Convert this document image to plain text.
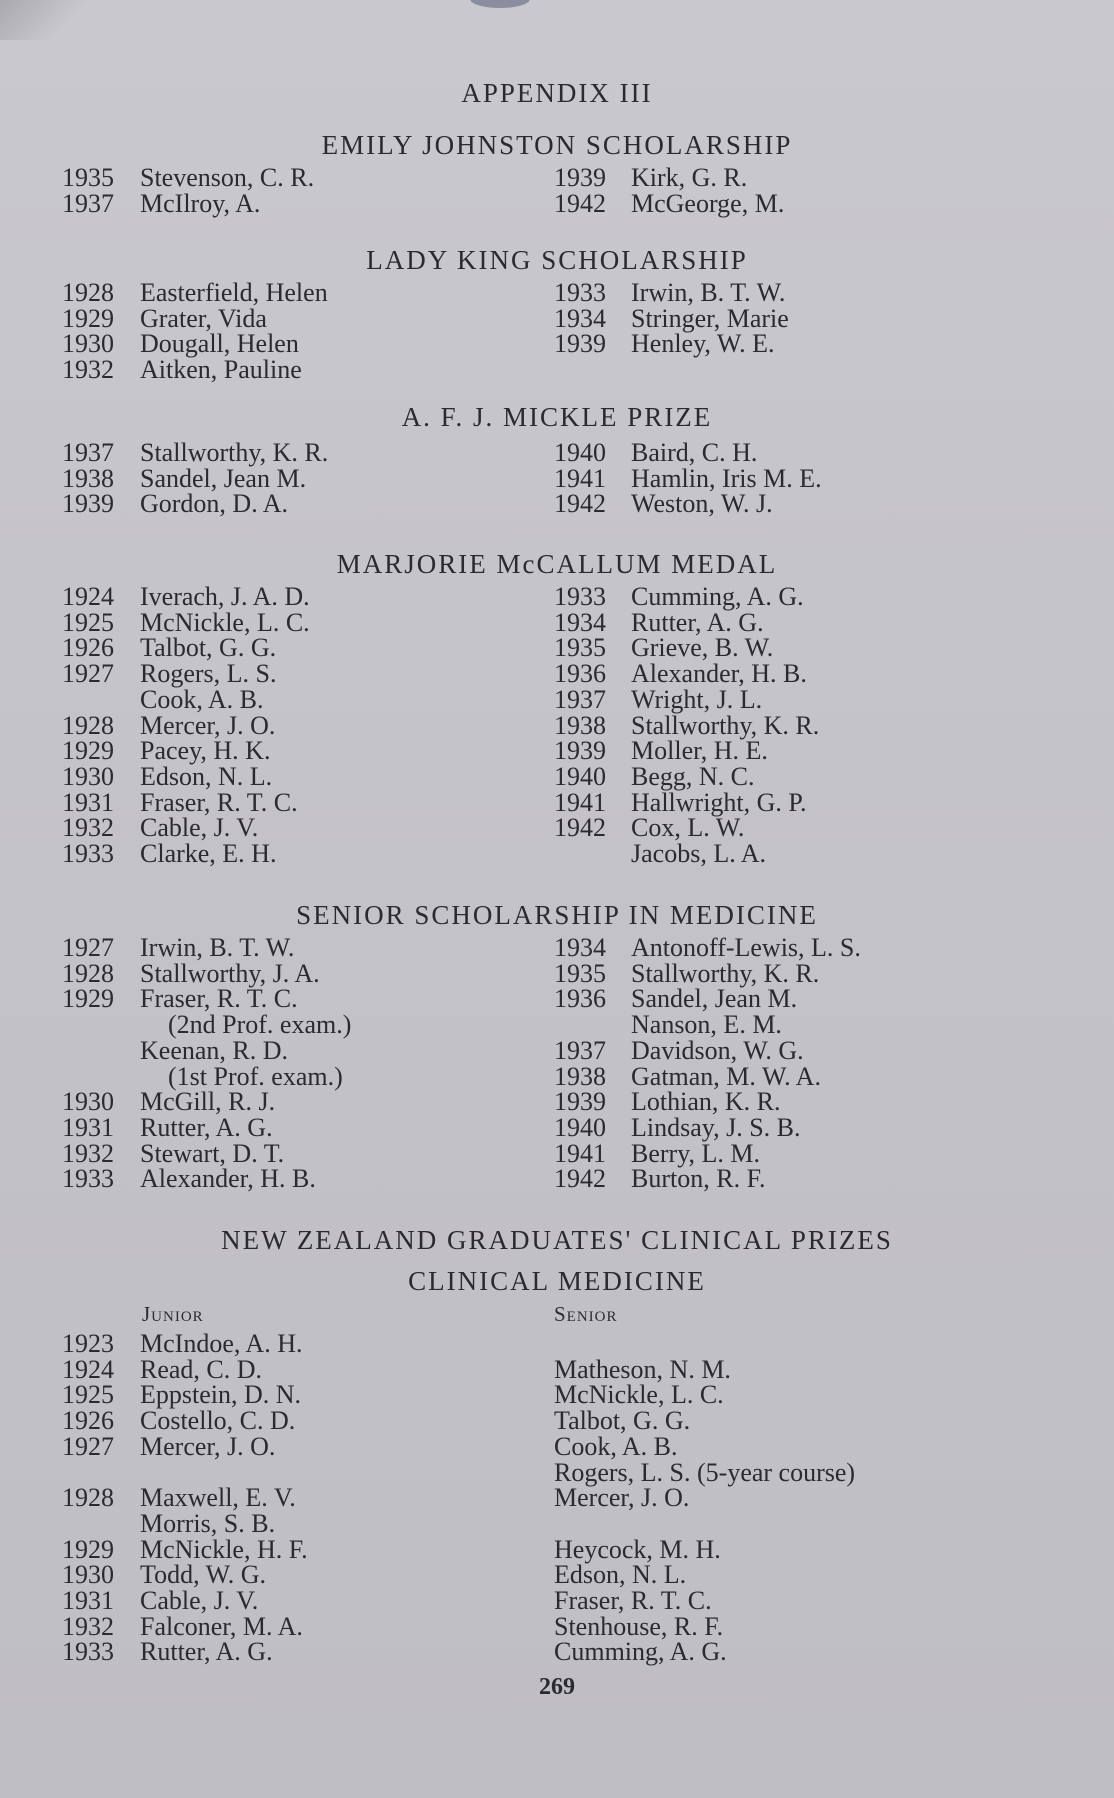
APPENDIX III
EMILY JOHNSTON SCHOLARSHIP
1935 Stevenson, C. R.
1937 McIlroy, A.
1939 Kirk, G. R.
1942 McGeorge, M.
LADY KING SCHOLARSHIP
1928 Easterfield, Helen
1929 Grater, Vida
1930 Dougall, Helen
1932 Aitken, Pauline
1933 Irwin, B. T. W.
1934 Stringer, Marie
1939 Henley, W. E.
A. F. J. MICKLE PRIZE
1937 Stallworthy, K. R.
1938 Sandel, Jean M.
1939 Gordon, D. A.
1940 Baird, C. H.
1941 Hamlin, Iris M. E.
1942 Weston, W. J.
MARJORIE McCALLUM MEDAL
1924 Iverach, J. A. D.
1925 McNickle, L. C.
1926 Talbot, G. G.
1927 Rogers, L. S.
Cook, A. B.
1928 Mercer, J. O.
1929 Pacey, H. K.
1930 Edson, N. L.
1931 Fraser, R. T. C.
1932 Cable, J. V.
1933 Clarke, E. H.
1933 Cumming, A. G.
1934 Rutter, A. G.
1935 Grieve, B. W.
1936 Alexander, H. B.
1937 Wright, J. L.
1938 Stallworthy, K. R.
1939 Moller, H. E.
1940 Begg, N. C.
1941 Hallwright, G. P.
1942 Cox, L. W.
Jacobs, L. A.
SENIOR SCHOLARSHIP IN MEDICINE
1927 Irwin, B. T. W.
1928 Stallworthy, J. A.
1929 Fraser, R. T. C.
(2nd Prof. exam.)
Keenan, R. D.
(1st Prof. exam.)
1930 McGill, R. J.
1931 Rutter, A. G.
1932 Stewart, D. T.
1933 Alexander, H. B.
1934 Antonoff-Lewis, L. S.
1935 Stallworthy, K. R.
1936 Sandel, Jean M.
Nanson, E. M.
1937 Davidson, W. G.
1938 Gatman, M. W. A.
1939 Lothian, K. R.
1940 Lindsay, J. S. B.
1941 Berry, L. M.
1942 Burton, R. F.
NEW ZEALAND GRADUATES' CLINICAL PRIZES
CLINICAL MEDICINE
Junior	Senior
1923 McIndoe, A. H.
1924 Read, C. D.	Matheson, N. M.
1925 Eppstein, D. N.	McNickle, L. C.
1926 Costello, C. D.	Talbot, G. G.
1927 Mercer, J. O.	Cook, A. B.
Rogers, L. S. (5-year course)
1928 Maxwell, E. V.	Mercer, J. O.
Morris, S. B.
1929 McNickle, H. F.	Heycock, M. H.
1930 Todd, W. G.	Edson, N. L.
1931 Cable, J. V.	Fraser, R. T. C.
1932 Falconer, M. A.	Stenhouse, R. F.
1933 Rutter, A. G.	Cumming, A. G.
269
